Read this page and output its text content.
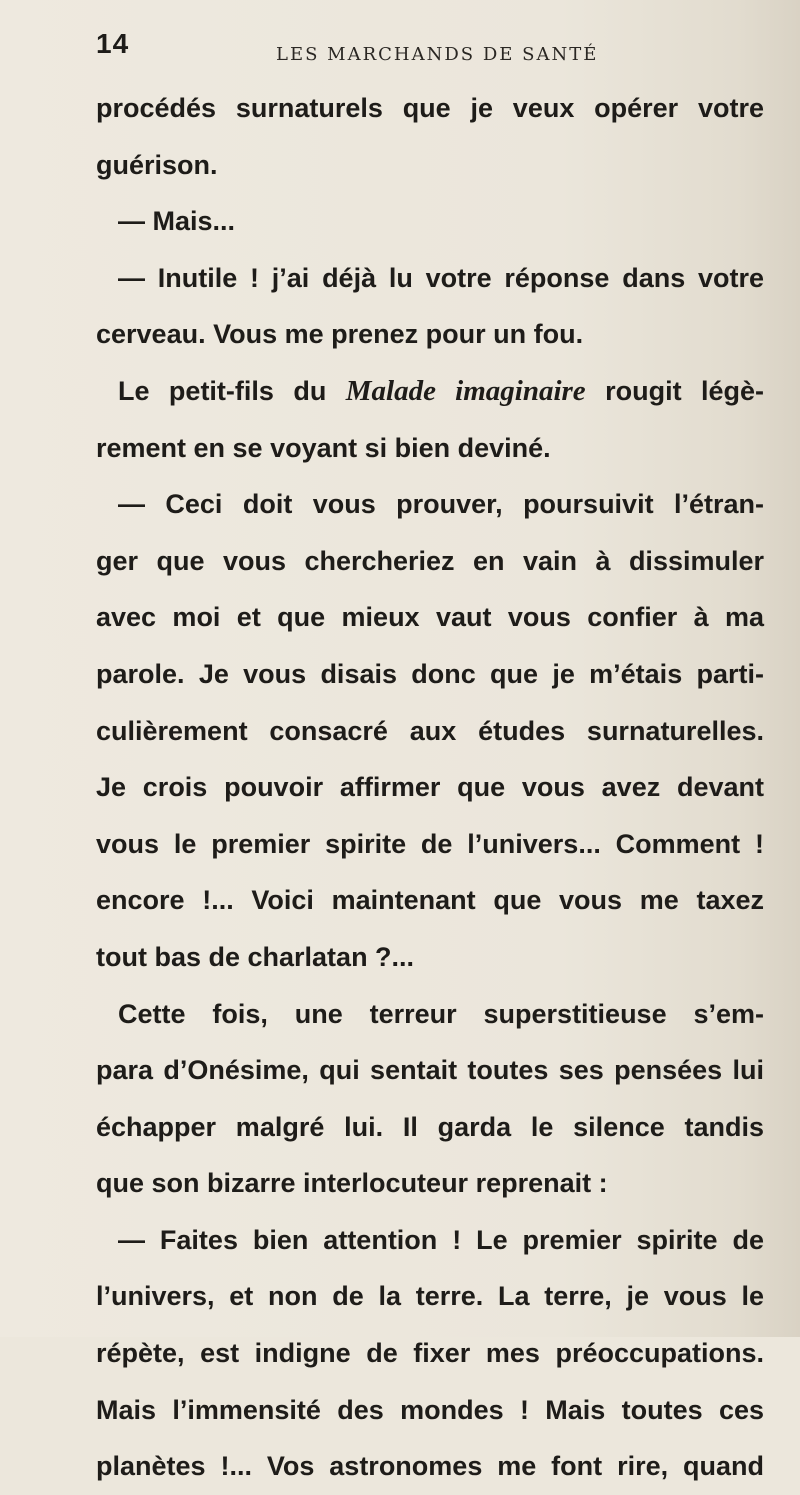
14	LES MARCHANDS DE SANTÉ
procédés surnaturels que je veux opérer votre
guérison.
— Mais...
— Inutile ! j’ai déjà lu votre réponse dans votre
cerveau. Vous me prenez pour un fou.
Le petit-fils du Malade imaginaire rougit légè-
rement en se voyant si bien deviné.
— Ceci doit vous prouver, poursuivit l’étran-
ger que vous chercheriez en vain à dissimuler
avec moi et que mieux vaut vous confier à ma
parole. Je vous disais donc que je m’étais parti-
culièrement consacré aux études surnaturelles.
Je crois pouvoir affirmer que vous avez devant
vous le premier spirite de l’univers... Comment !
encore !... Voici maintenant que vous me taxez
tout bas de charlatan ?...
Cette fois, une terreur superstitieuse s’em-
para d’Onésime, qui sentait toutes ses pensées lui
échapper malgré lui. Il garda le silence tandis
que son bizarre interlocuteur reprenait :
— Faites bien attention ! Le premier spirite de
l’univers, et non de la terre. La terre, je vous le
répète, est indigne de fixer mes préoccupations.
Mais l’immensité des mondes ! Mais toutes ces
planètes !... Vos astronomes me font rire, quand
